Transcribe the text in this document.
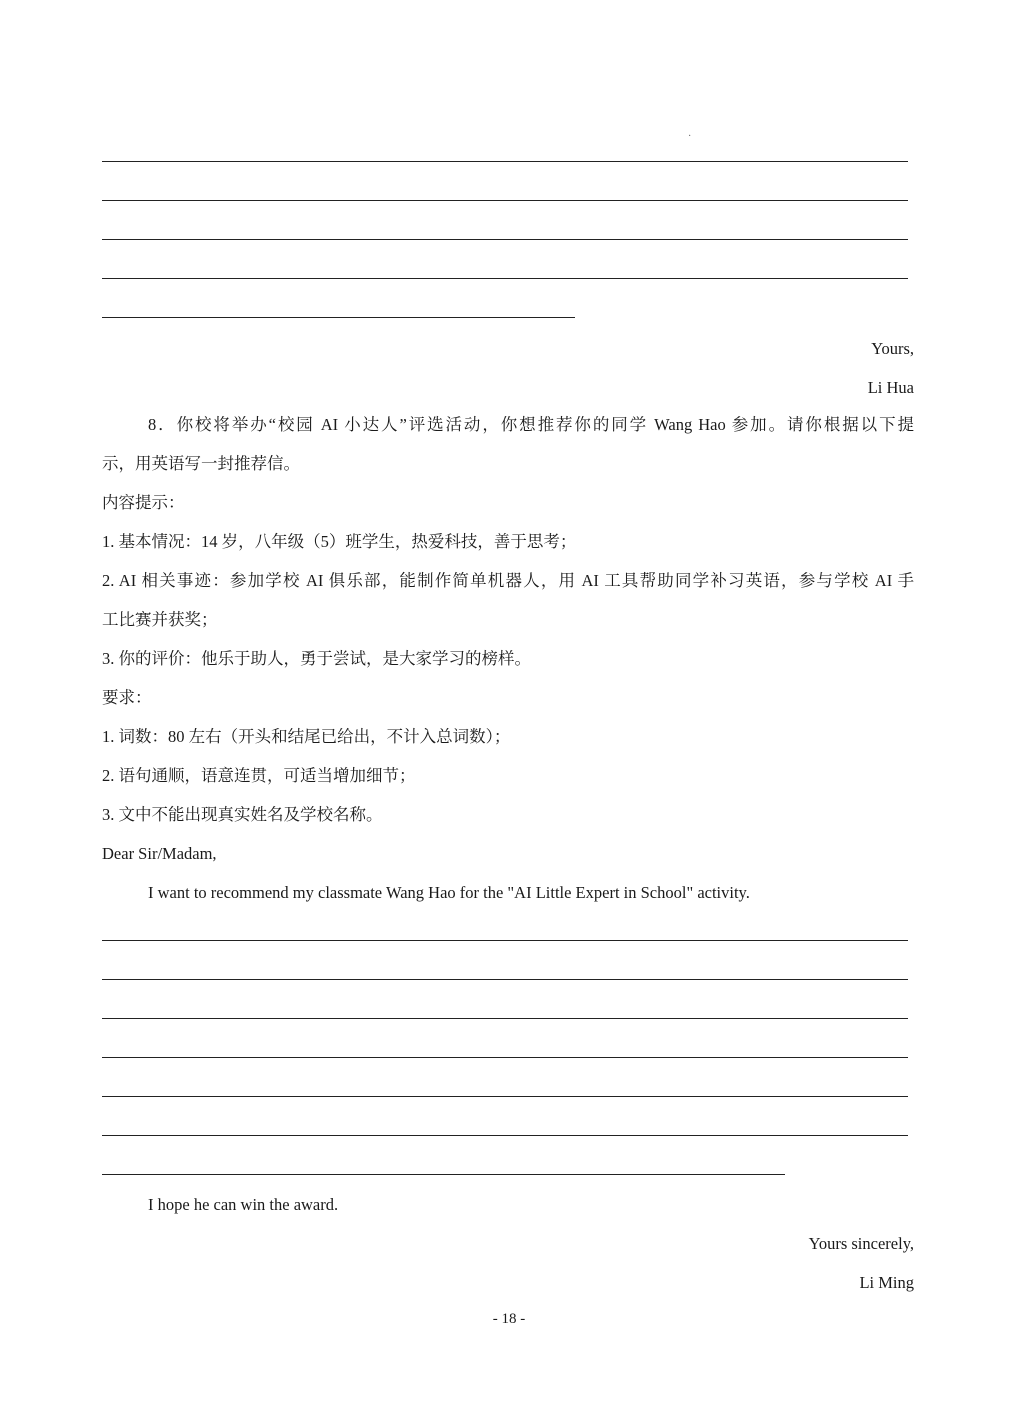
·
Yours,
Li Hua
8．你校将举办“校园 AI 小达人”评选活动，你想推荐你的同学 Wang Hao 参加。请你根据以下提
示，用英语写一封推荐信。
内容提示：
1. 基本情况：14 岁，八年级（5）班学生，热爱科技，善于思考；
2. AI 相关事迹：参加学校 AI 俱乐部，能制作简单机器人，用 AI 工具帮助同学补习英语，参与学校 AI 手
工比赛并获奖；
3. 你的评价：他乐于助人，勇于尝试，是大家学习的榜样。
要求：
1. 词数：80 左右（开头和结尾已给出，不计入总词数）；
2. 语句通顺，语意连贯，可适当增加细节；
3. 文中不能出现真实姓名及学校名称。
Dear Sir/Madam,
I want to recommend my classmate Wang Hao for the "AI Little Expert in School" activity.
I hope he can win the award.
Yours sincerely,
Li Ming
- 18 -
